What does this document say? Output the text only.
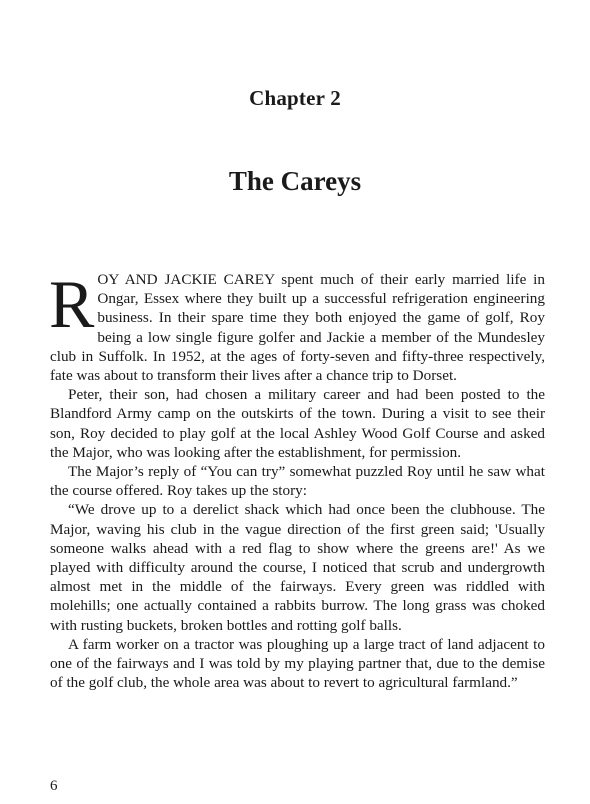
Chapter 2
The Careys

ROY AND JACKIE CAREY spent much of their early married life in Ongar, Essex where they built up a successful refrigeration engineering business. In their spare time they both enjoyed the game of golf, Roy being a low single figure golfer and Jackie a member of the Mundesley club in Suffolk. In 1952, at the ages of forty-seven and fifty-three respectively, fate was about to transform their lives after a chance trip to Dorset.

Peter, their son, had chosen a military career and had been posted to the Blandford Army camp on the outskirts of the town. During a visit to see their son, Roy decided to play golf at the local Ashley Wood Golf Course and asked the Major, who was looking after the establishment, for permission.

The Major’s reply of “You can try” somewhat puzzled Roy until he saw what the course offered. Roy takes up the story:

“We drove up to a derelict shack which had once been the clubhouse. The Major, waving his club in the vague direction of the first green said; 'Usually someone walks ahead with a red flag to show where the greens are!' As we played with difficulty around the course, I noticed that scrub and undergrowth almost met in the middle of the fairways. Every green was riddled with molehills; one actually contained a rabbits burrow. The long grass was choked with rusting buckets, broken bottles and rotting golf balls.

A farm worker on a tractor was ploughing up a large tract of land adjacent to one of the fairways and I was told by my playing partner that, due to the demise of the golf club, the whole area was about to revert to agricultural farmland.”

6
